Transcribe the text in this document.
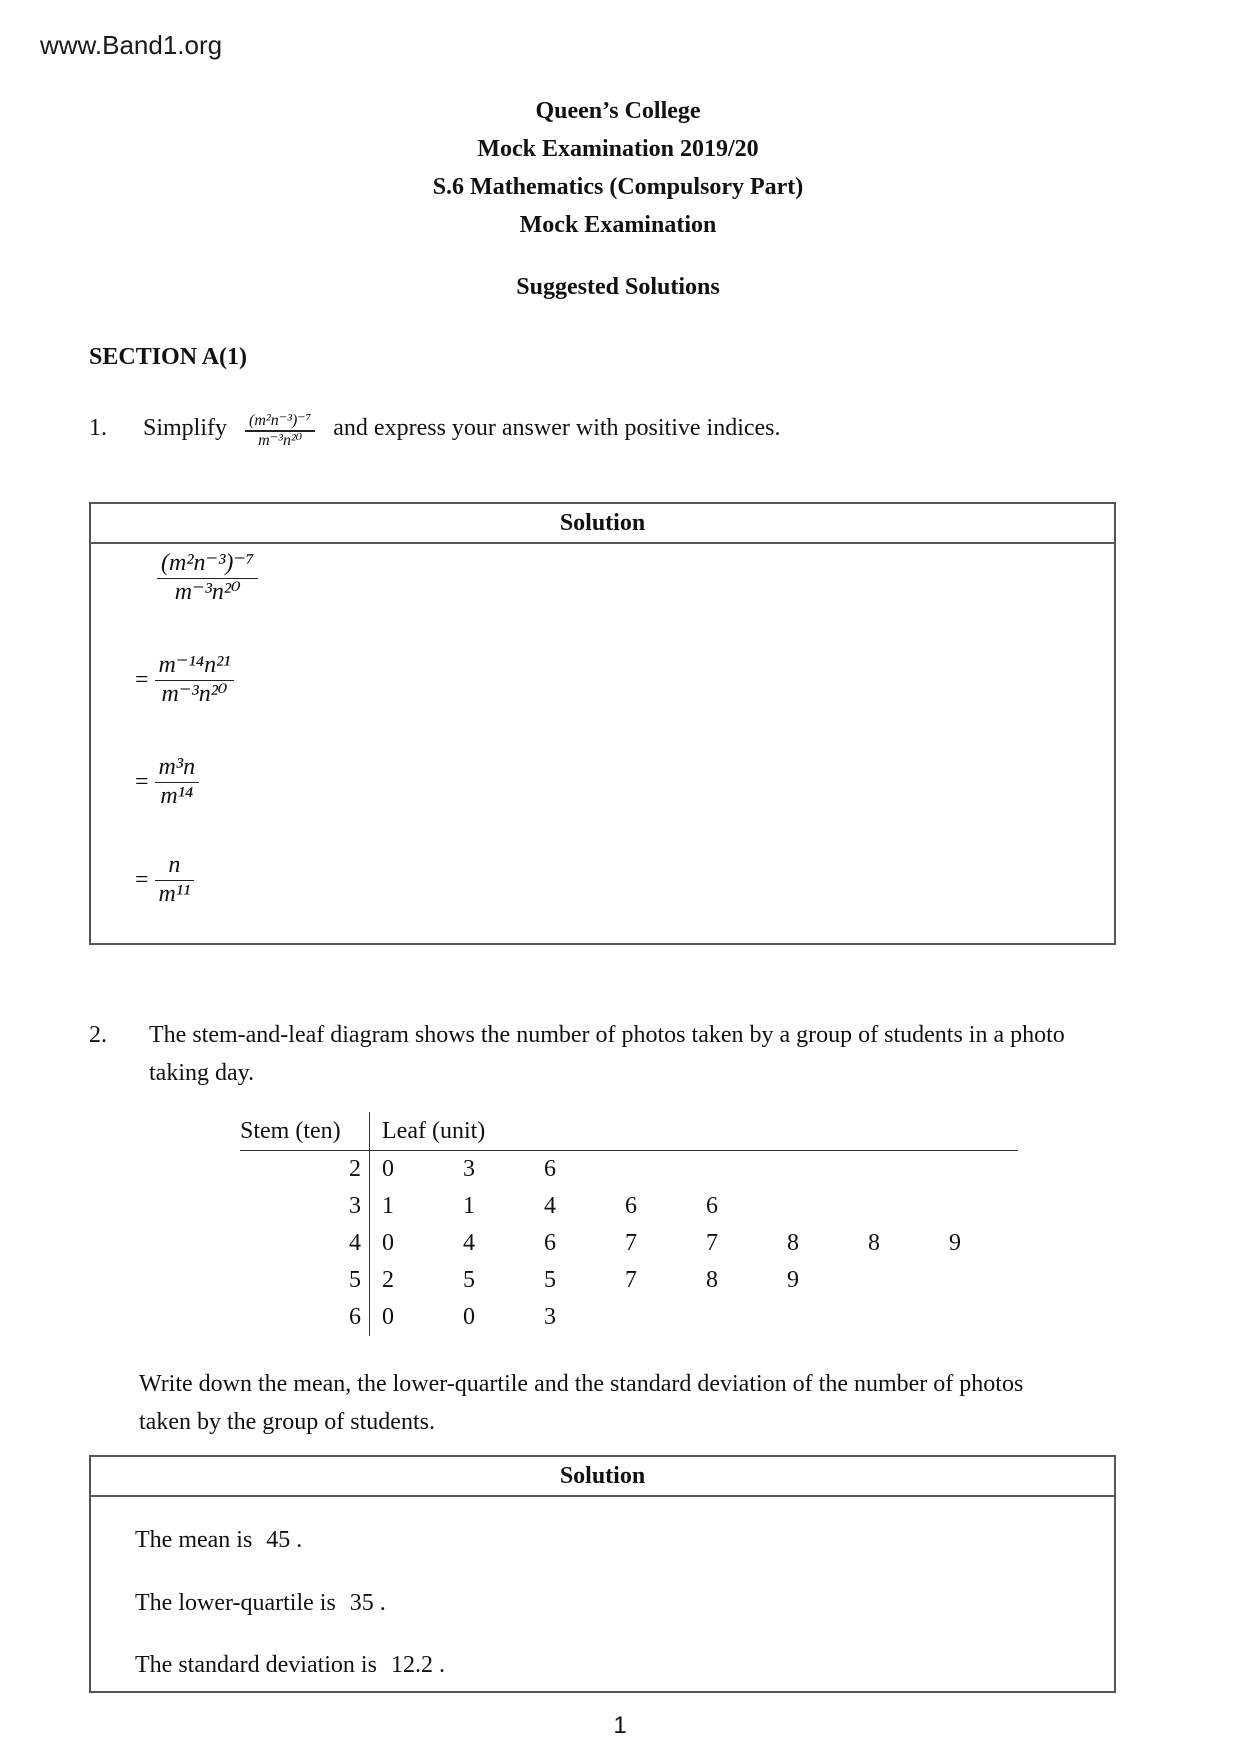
www.Band1.org
Queen’s College
Mock Examination 2019/20
S.6 Mathematics (Compulsory Part)
Mock Examination
Suggested Solutions
SECTION A(1)
1. Simplify $\frac{\text{(m²n⁻³)⁻⁷}}{\text{m⁻³n²⁰}}$ and express your answer with positive indices.
Solution
$\frac{\text{(m²n⁻³)⁻⁷}}{\text{m⁻³n²⁰}}$
= $\frac{\text{m⁻¹⁴n²¹}}{\text{m⁻³n²⁰}}$
= $\frac{\text{m³n}}{\text{m¹⁴}}$
= $\frac{n}{\text{m¹¹}}$
2. The stem-and-leaf diagram shows the number of photos taken by a group of students in a photo
taking day.
Stem (ten)	Leaf (unit)								
2	0	3	6						
3	1	1	4	6	6				
4	0	4	6	7	7	8	8	9	
5	2	5	5	7	8	9			
6	0	0	3						
Write down the mean, the lower-quartile and the standard deviation of the number of photos
taken by the group of students.
Solution
The mean is 45 .
The lower-quartile is 35 .
The standard deviation is 12.2 .
1
